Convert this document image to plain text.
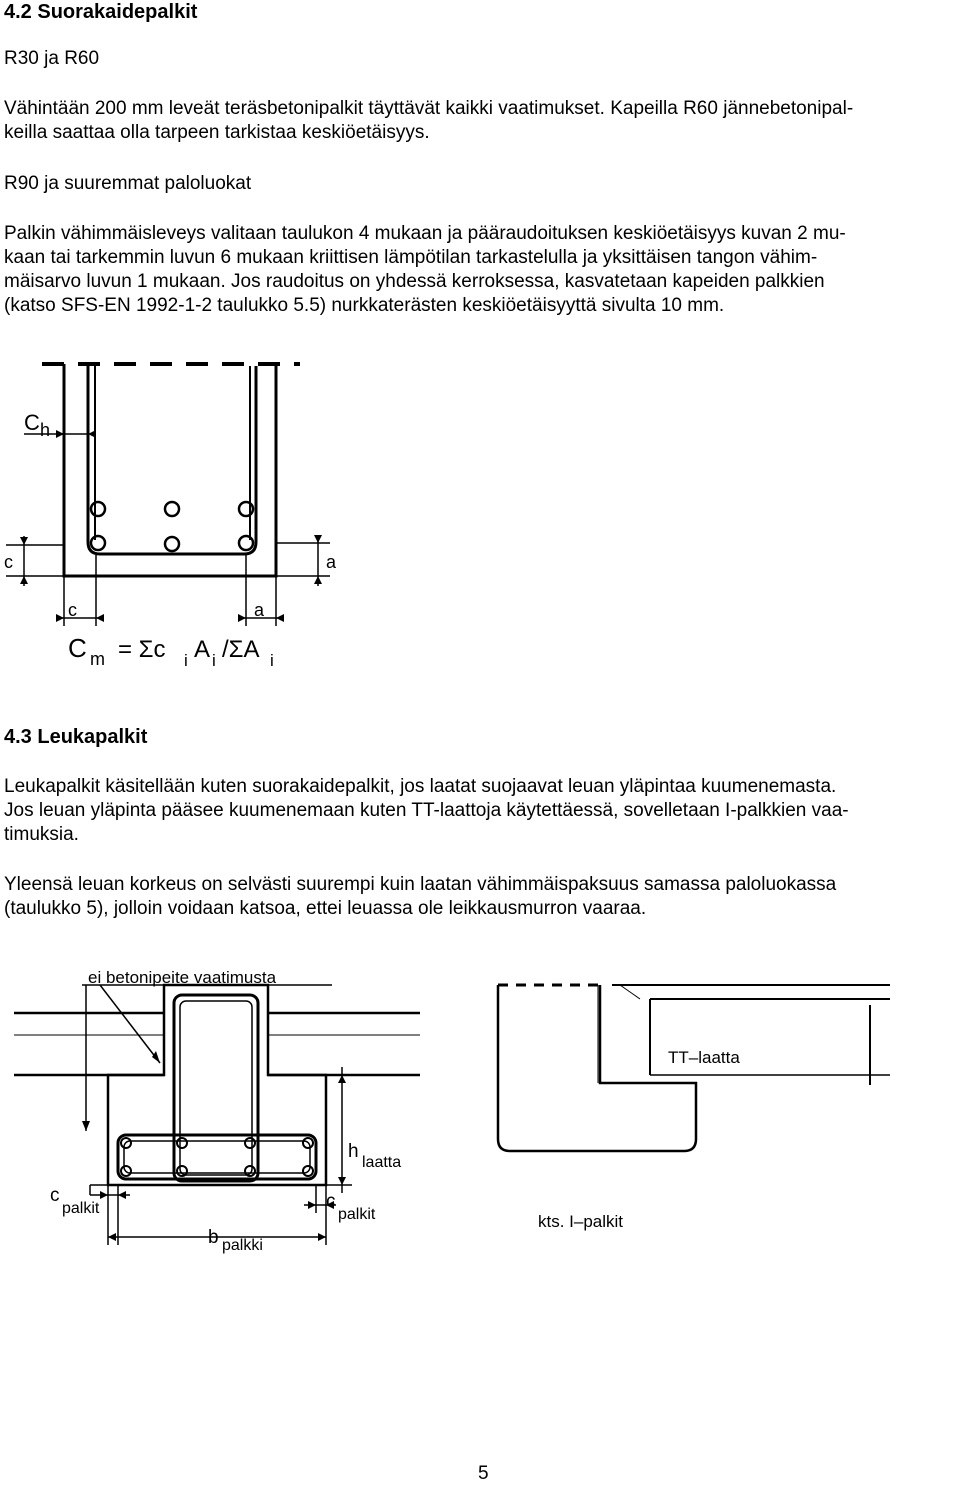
4.2 Suorakaidepalkit
R30 ja R60
Vähintään 200 mm leveät teräsbetonipalkit täyttävät kaikki vaatimukset. Kapeilla R60 jännebetonipal-
keilla saattaa olla tarpeen tarkistaa keskiöetäisyys.
R90 ja suuremmat paloluokat
Palkin vähimmäisleveys valitaan taulukon 4 mukaan ja pääraudoituksen keskiöetäisyys kuvan 2 mu-
kaan tai tarkemmin luvun 6 mukaan kriittisen lämpötilan tarkastelulla ja yksittäisen tangon vähim-
mäisarvo luvun 1 mukaan. Jos raudoitus on yhdessä kerroksessa, kasvatetaan kapeiden palkkien
(katso SFS-EN 1992-1-2 taulukko 5.5) nurkkaterästen keskiöetäisyyttä sivulta 10 mm.
C h
c	a
c	a
C m = Σc i A i /ΣA i
4.3 Leukapalkit
Leukapalkit käsitellään kuten suorakaidepalkit, jos laatat suojaavat leuan yläpintaa kuumenemasta.
Jos leuan yläpinta pääsee kuumenemaan kuten TT-laattoja käytettäessä, sovelletaan I-palkkien vaa-
timuksia.
Yleensä leuan korkeus on selvästi suurempi kuin laatan vähimmäispaksuus samassa paloluokassa
(taulukko 5), jolloin voidaan katsoa, ettei leuassa ole leikkausmurron vaaraa.
ei betonipeite vaatimusta
h
laatta
c
palkit	c
palkit
b palkki
TT–laatta
kts. I–palkit
5
